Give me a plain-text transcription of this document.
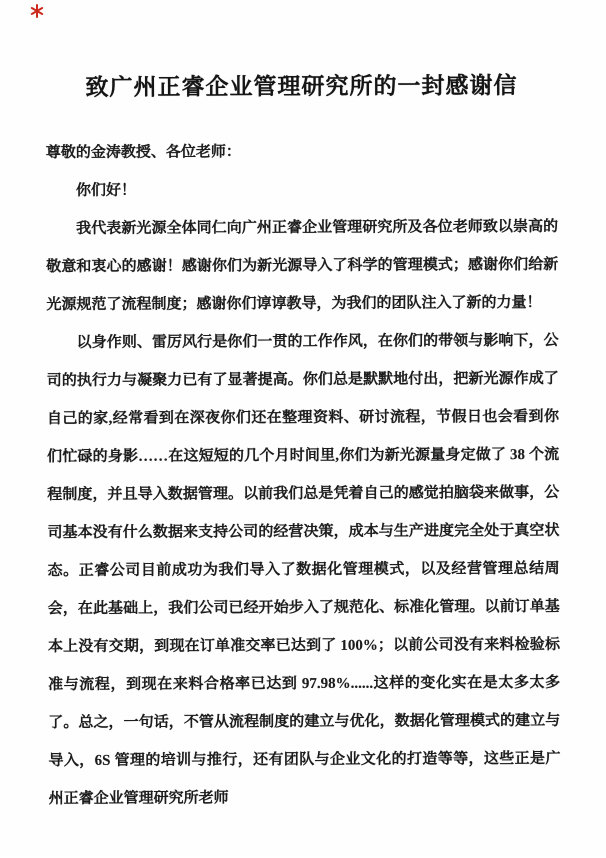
致广州正睿企业管理研究所的一封感谢信

尊敬的金涛教授、各位老师：

你们好！

我代表新光源全体同仁向广州正睿企业管理研究所及各位老师致以崇高的敬意和衷心的感谢！感谢你们为新光源导入了科学的管理模式；感谢你们给新光源规范了流程制度；感谢你们谆谆教导，为我们的团队注入了新的力量！

以身作则、雷厉风行是你们一贯的工作作风，在你们的带领与影响下，公司的执行力与凝聚力已有了显著提高。你们总是默默地付出，把新光源作成了自己的家,经常看到在深夜你们还在整理资料、研讨流程，节假日也会看到你们忙碌的身影……在这短短的几个月时间里,你们为新光源量身定做了 38 个流程制度，并且导入数据管理。以前我们总是凭着自己的感觉拍脑袋来做事，公司基本没有什么数据来支持公司的经营决策，成本与生产进度完全处于真空状态。正睿公司目前成功为我们导入了数据化管理模式，以及经营管理总结周会，在此基础上，我们公司已经开始步入了规范化、标准化管理。以前订单基本上没有交期，到现在订单准交率已达到了 100%；以前公司没有来料检验标准与流程，到现在来料合格率已达到 97.98%......这样的变化实在是太多太多了。总之，一句话，不管从流程制度的建立与优化，数据化管理模式的建立与导入，6S 管理的培训与推行，还有团队与企业文化的打造等等，这些正是广州正睿企业管理研究所老师
